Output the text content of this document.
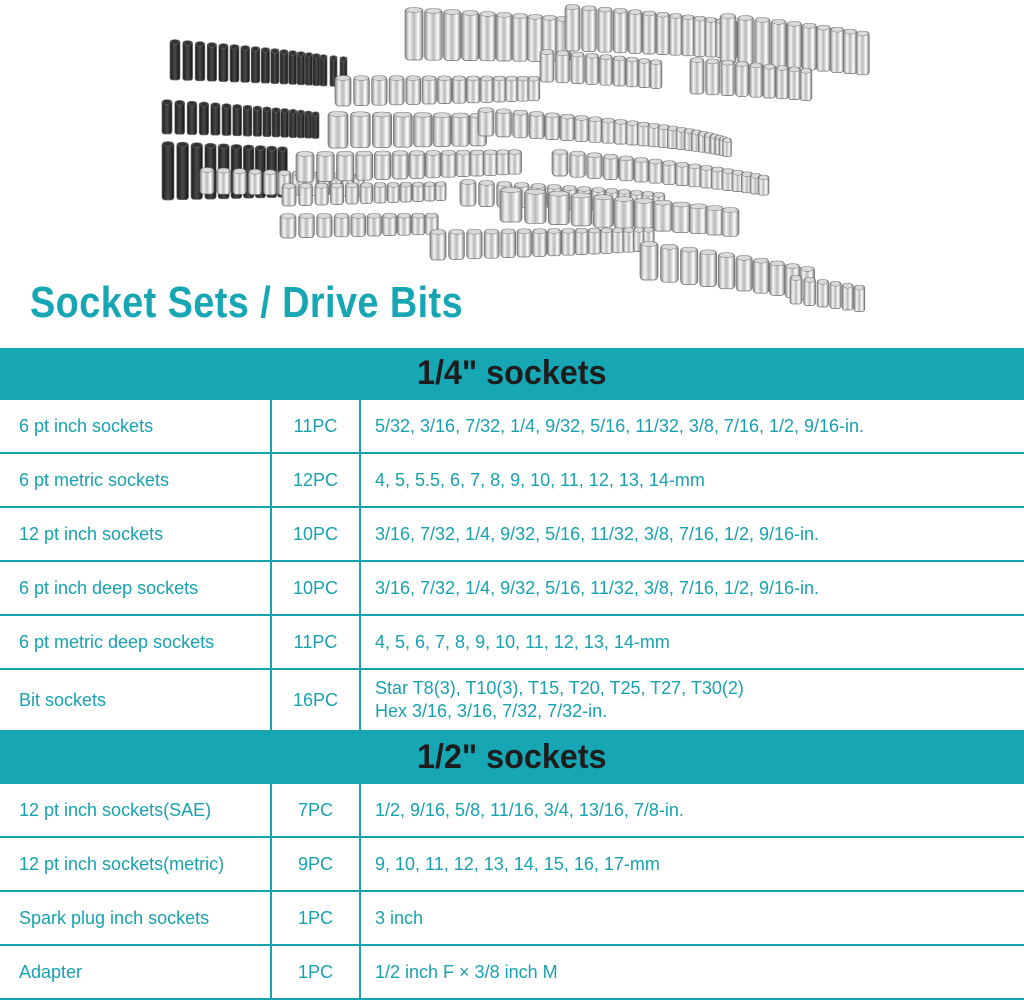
Socket Sets / Drive Bits
1/4" sockets		
6 pt inch sockets	11PC	5/32, 3/16, 7/32, 1/4, 9/32, 5/16, 11/32, 3/8, 7/16, 1/2, 9/16-in.
6 pt metric sockets	12PC	4, 5, 5.5, 6, 7, 8, 9, 10, 11, 12, 13, 14-mm
12 pt inch sockets	10PC	3/16, 7/32, 1/4, 9/32, 5/16, 11/32, 3/8, 7/16, 1/2, 9/16-in.
6 pt inch deep sockets	10PC	3/16, 7/32, 1/4, 9/32, 5/16, 11/32, 3/8, 7/16, 1/2, 9/16-in.
6 pt metric deep sockets	11PC	4, 5, 6, 7, 8, 9, 10, 11, 12, 13, 14-mm
Bit sockets	16PC	Star T8(3), T10(3), T15, T20, T25, T27, T30(2)
Hex 3/16, 3/16, 7/32, 7/32-in.

1/2" sockets		
12 pt inch sockets(SAE)	7PC	1/2, 9/16, 5/8, 11/16, 3/4, 13/16, 7/8-in.
12 pt inch sockets(metric)	9PC	9, 10, 11, 12, 13, 14, 15, 16, 17-mm
Spark plug inch sockets	1PC	3 inch
Adapter	1PC	1/2 inch F × 3/8 inch M
